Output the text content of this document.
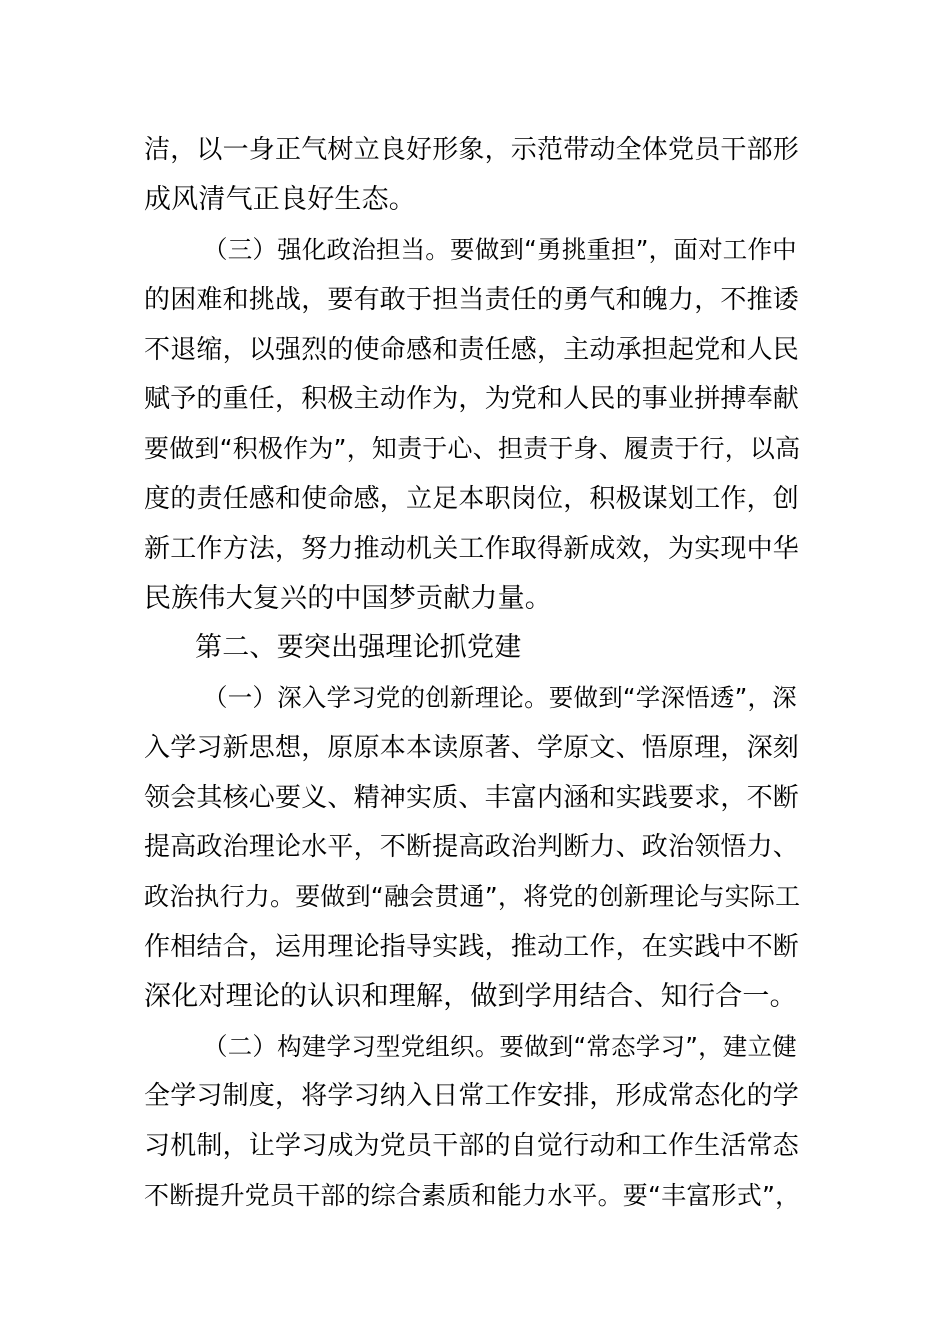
洁，以一身正气树立良好形象，示范带动全体党员干部形
成风清气正良好生态。
（三）强化政治担当。要做到“勇挑重担”，面对工作中
的困难和挑战，要有敢于担当责任的勇气和魄力，不推诿
不退缩，以强烈的使命感和责任感，主动承担起党和人民
赋予的重任，积极主动作为，为党和人民的事业拼搏奉献
要做到“积极作为”，知责于心、担责于身、履责于行，以高
度的责任感和使命感，立足本职岗位，积极谋划工作，创
新工作方法，努力推动机关工作取得新成效，为实现中华
民族伟大复兴的中国梦贡献力量。
第二、要突出强理论抓党建
（一）深入学习党的创新理论。要做到“学深悟透”，深
入学习新思想，原原本本读原著、学原文、悟原理，深刻
领会其核心要义、精神实质、丰富内涵和实践要求，不断
提高政治理论水平，不断提高政治判断力、政治领悟力、
政治执行力。要做到“融会贯通”，将党的创新理论与实际工
作相结合，运用理论指导实践，推动工作，在实践中不断
深化对理论的认识和理解，做到学用结合、知行合一。
（二）构建学习型党组织。要做到“常态学习”，建立健
全学习制度，将学习纳入日常工作安排，形成常态化的学
习机制，让学习成为党员干部的自觉行动和工作生活常态
不断提升党员干部的综合素质和能力水平。要“丰富形式”，
